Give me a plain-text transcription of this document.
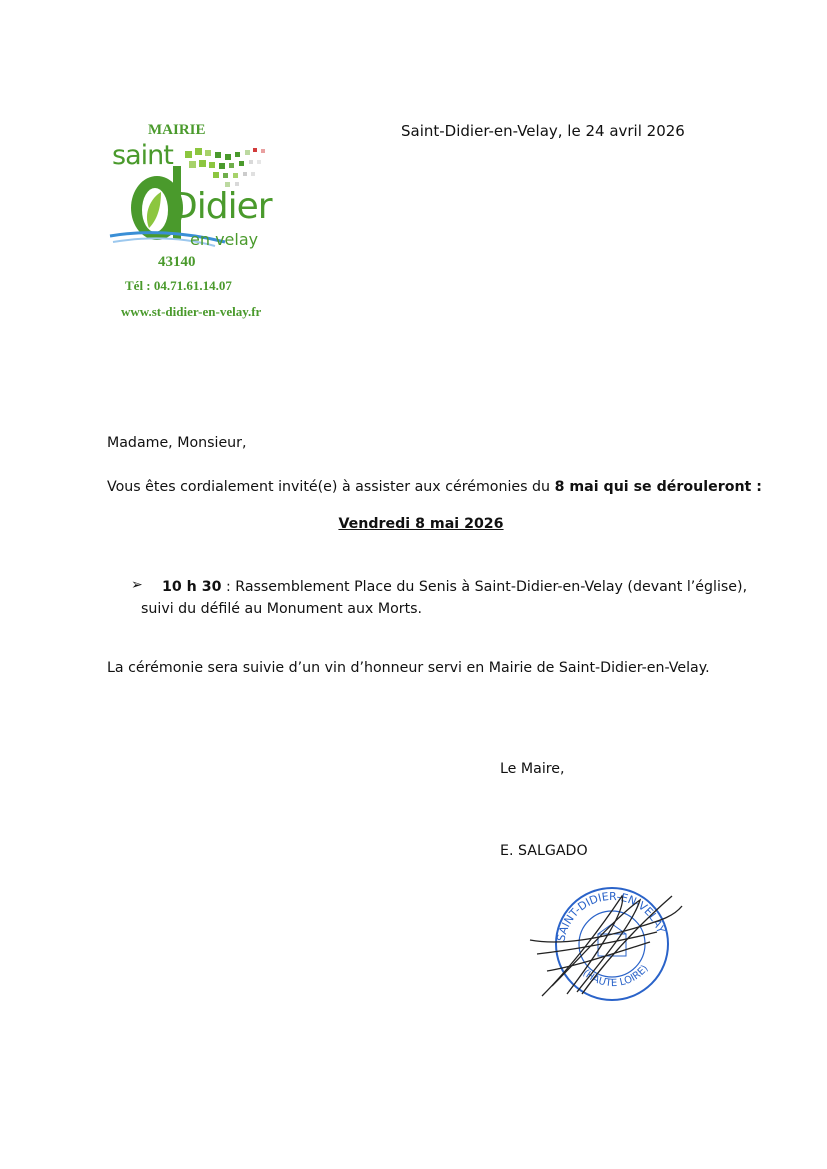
MAIRIE
saint
Didier
en velay
43140
Tél : 04.71.61.14.07
www.st-didier-en-velay.fr
Saint-Didier-en-Velay, le 24 avril 2026
Madame, Monsieur,
Vous êtes cordialement invité(e) à assister aux cérémonies du 8 mai qui se dérouleront :
Vendredi 8 mai 2026
➢ 10 h 30 : Rassemblement Place du Senis à Saint-Didier-en-Velay (devant l’église),
suivi du défilé au Monument aux Morts.
La cérémonie sera suivie d’un vin d’honneur servi en Mairie de Saint-Didier-en-Velay.
Le Maire,
E. SALGADO
SAINT-DIDIER-EN-VELAY
(HAUTE LOIRE)
